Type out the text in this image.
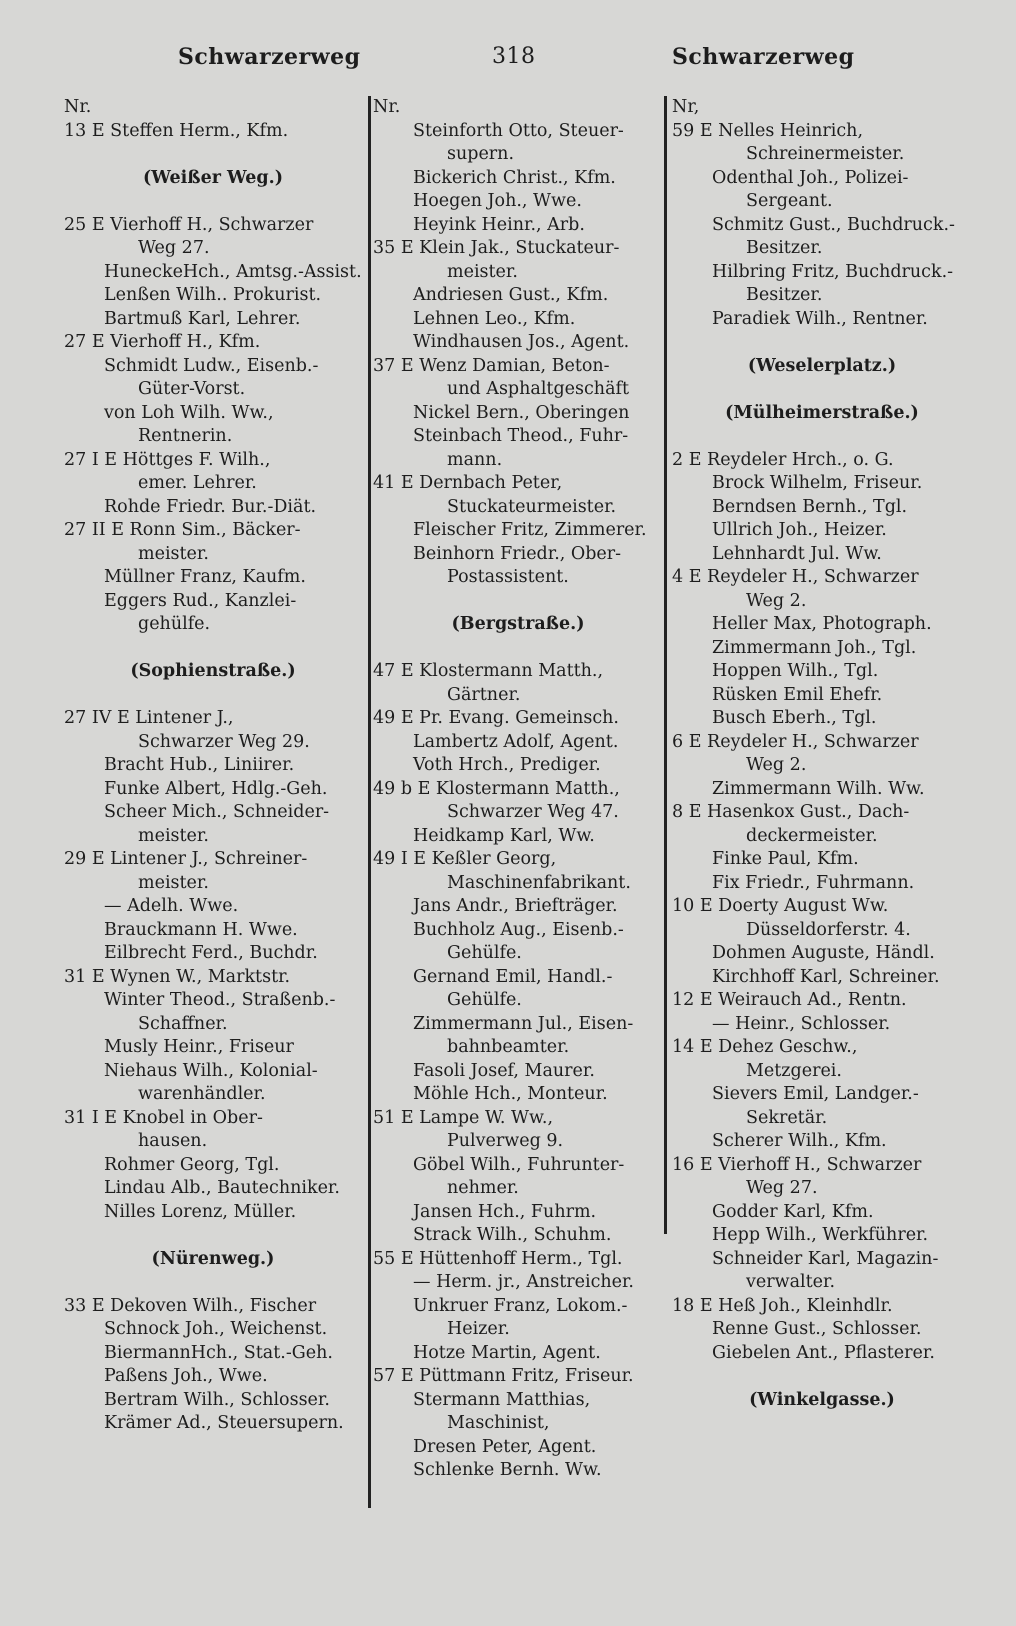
Schwarzerweg	318	Schwarzerweg
Nr.
13 E Steffen Herm., Kfm.
(Weißer Weg.)
25 E Vierhoff H., Schwarzer
Weg 27.
HuneckeHch., Amtsg.-Assist.
Lenßen Wilh.. Prokurist.
Bartmuß Karl, Lehrer.
27 E Vierhoff H., Kfm.
Schmidt Ludw., Eisenb.-
Güter-Vorst.
von Loh Wilh. Ww.,
Rentnerin.
27 I E Höttges F. Wilh.,
emer. Lehrer.
Rohde Friedr. Bur.-Diät.
27 II E Ronn Sim., Bäcker-
meister.
Müllner Franz, Kaufm.
Eggers Rud., Kanzlei-
gehülfe.
(Sophienstraße.)
27 IV E Lintener J.,
Schwarzer Weg 29.
Bracht Hub., Liniirer.
Funke Albert, Hdlg.-Geh.
Scheer Mich., Schneider-
meister.
29 E Lintener J., Schreiner-
meister.
— Adelh. Wwe.
Brauckmann H. Wwe.
Eilbrecht Ferd., Buchdr.
31 E Wynen W., Marktstr.
Winter Theod., Straßenb.-
Schaffner.
Musly Heinr., Friseur
Niehaus Wilh., Kolonial-
warenhändler.
31 I E Knobel in Ober-
hausen.
Rohmer Georg, Tgl.
Lindau Alb., Bautechniker.
Nilles Lorenz, Müller.
(Nürenweg.)
33 E Dekoven Wilh., Fischer
Schnock Joh., Weichenst.
BiermannHch., Stat.-Geh.
Paßens Joh., Wwe.
Bertram Wilh., Schlosser.
Krämer Ad., Steuersupern.
Nr.
Steinforth Otto, Steuer-
supern.
Bickerich Christ., Kfm.
Hoegen Joh., Wwe.
Heyink Heinr., Arb.
35 E Klein Jak., Stuckateur-
meister.
Andriesen Gust., Kfm.
Lehnen Leo., Kfm.
Windhausen Jos., Agent.
37 E Wenz Damian, Beton-
und Asphaltgeschäft
Nickel Bern., Oberingen
Steinbach Theod., Fuhr-
mann.
41 E Dernbach Peter,
Stuckateurmeister.
Fleischer Fritz, Zimmerer.
Beinhorn Friedr., Ober-
Postassistent.
(Bergstraße.)
47 E Klostermann Matth.,
Gärtner.
49 E Pr. Evang. Gemeinsch.
Lambertz Adolf, Agent.
Voth Hrch., Prediger.
49 b E Klostermann Matth.,
Schwarzer Weg 47.
Heidkamp Karl, Ww.
49 I E Keßler Georg,
Maschinenfabrikant.
Jans Andr., Briefträger.
Buchholz Aug., Eisenb.-
Gehülfe.
Gernand Emil, Handl.-
Gehülfe.
Zimmermann Jul., Eisen-
bahnbeamter.
Fasoli Josef, Maurer.
Möhle Hch., Monteur.
51 E Lampe W. Ww.,
Pulverweg 9.
Göbel Wilh., Fuhrunter-
nehmer.
Jansen Hch., Fuhrm.
Strack Wilh., Schuhm.
55 E Hüttenhoff Herm., Tgl.
— Herm. jr., Anstreicher.
Unkruer Franz, Lokom.-
Heizer.
Hotze Martin, Agent.
57 E Püttmann Fritz, Friseur.
Stermann Matthias,
Maschinist,
Dresen Peter, Agent.
Schlenke Bernh. Ww.
Nr,
59 E Nelles Heinrich,
Schreinermeister.
Odenthal Joh., Polizei-
Sergeant.
Schmitz Gust., Buchdruck.-
Besitzer.
Hilbring Fritz, Buchdruck.-
Besitzer.
Paradiek Wilh., Rentner.
(Weselerplatz.)
(Mülheimerstraße.)
2 E Reydeler Hrch., o. G.
Brock Wilhelm, Friseur.
Berndsen Bernh., Tgl.
Ullrich Joh., Heizer.
Lehnhardt Jul. Ww.
4 E Reydeler H., Schwarzer
Weg 2.
Heller Max, Photograph.
Zimmermann Joh., Tgl.
Hoppen Wilh., Tgl.
Rüsken Emil Ehefr.
Busch Eberh., Tgl.
6 E Reydeler H., Schwarzer
Weg 2.
Zimmermann Wilh. Ww.
8 E Hasenkox Gust., Dach-
deckermeister.
Finke Paul, Kfm.
Fix Friedr., Fuhrmann.
10 E Doerty August Ww.
Düsseldorferstr. 4.
Dohmen Auguste, Händl.
Kirchhoff Karl, Schreiner.
12 E Weirauch Ad., Rentn.
— Heinr., Schlosser.
14 E Dehez Geschw.,
Metzgerei.
Sievers Emil, Landger.-
Sekretär.
Scherer Wilh., Kfm.
16 E Vierhoff H., Schwarzer
Weg 27.
Godder Karl, Kfm.
Hepp Wilh., Werkführer.
Schneider Karl, Magazin-
verwalter.
18 E Heß Joh., Kleinhdlr.
Renne Gust., Schlosser.
Giebelen Ant., Pflasterer.
(Winkelgasse.)
